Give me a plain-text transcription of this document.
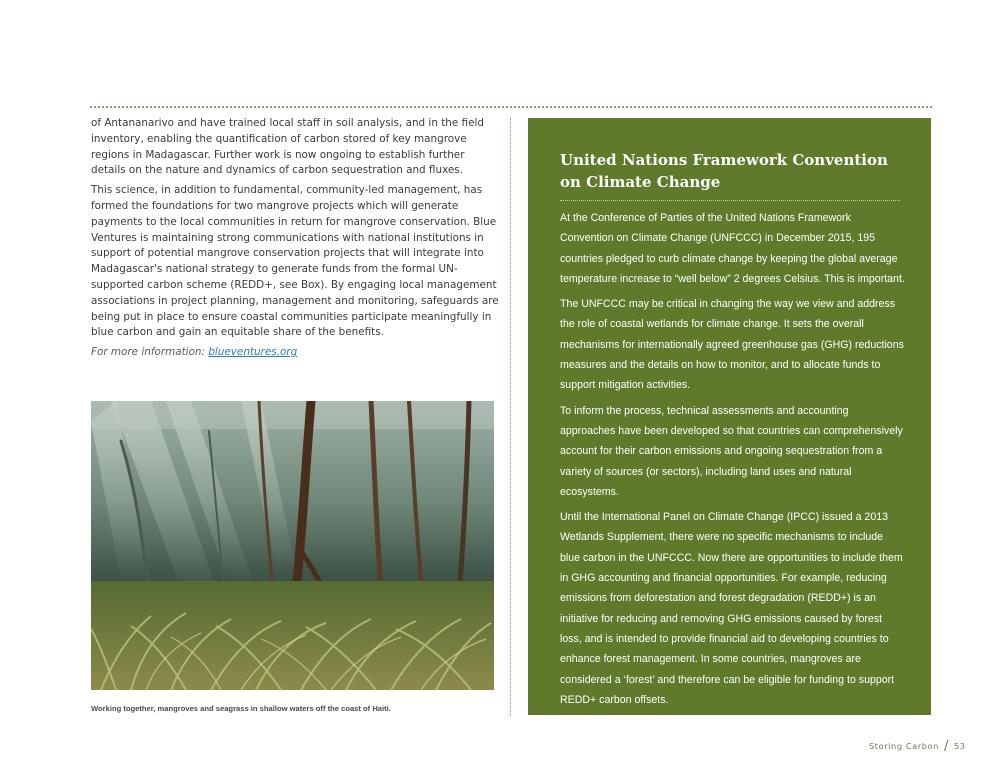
of Antananarivo and have trained local staff in soil analysis, and in the field inventory, enabling the quantification of carbon stored of key mangrove regions in Madagascar. Further work is now ongoing to establish further details on the nature and dynamics of carbon sequestration and fluxes.

This science, in addition to fundamental, community-led management, has formed the foundations for two mangrove projects which will generate payments to the local communities in return for mangrove conservation. Blue Ventures is maintaining strong communications with national institutions in support of potential mangrove conservation projects that will integrate into Madagascar's national strategy to generate funds from the formal UN-supported carbon scheme (REDD+, see Box). By engaging local management associations in project planning, management and monitoring, safeguards are being put in place to ensure coastal communities participate meaningfully in blue carbon and gain an equitable share of the benefits.

For more information: blueventures.org

Working together, mangroves and seagrass in shallow waters off the coast of Haiti.
United Nations Framework Convention on Climate Change

At the Conference of Parties of the United Nations Framework Convention on Climate Change (UNFCCC) in December 2015, 195 countries pledged to curb climate change by keeping the global average temperature increase to “well below” 2 degrees Celsius. This is important.

The UNFCCC may be critical in changing the way we view and address the role of coastal wetlands for climate change. It sets the overall mechanisms for internationally agreed greenhouse gas (GHG) reductions measures and the details on how to monitor, and to allocate funds to support mitigation activities.

To inform the process, technical assessments and accounting approaches have been developed so that countries can comprehensively account for their carbon emissions and ongoing sequestration from a variety of sources (or sectors), including land uses and natural ecosystems.

Until the International Panel on Climate Change (IPCC) issued a 2013 Wetlands Supplement, there were no specific mechanisms to include blue carbon in the UNFCCC. Now there are opportunities to include them in GHG accounting and financial opportunities. For example, reducing emissions from deforestation and forest degradation (REDD+) is an initiative for reducing and removing GHG emissions caused by forest loss, and is intended to provide financial aid to developing countries to enhance forest management. In some countries, mangroves are considered a ‘forest’ and therefore can be eligible for funding to support REDD+ carbon offsets.

Storing Carbon / 53
